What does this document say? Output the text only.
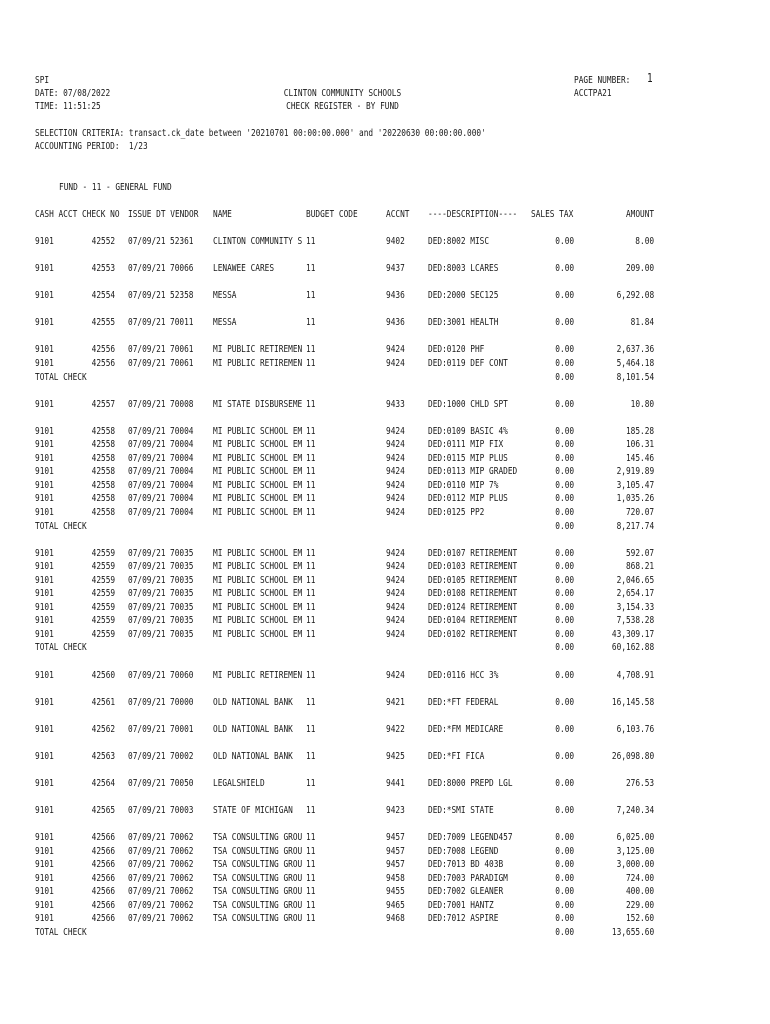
SPI
DATE: 07/08/2022
TIME: 11:51:25
CLINTON COMMUNITY SCHOOLS
CHECK REGISTER - BY FUND
PAGE NUMBER: 1
ACCTPA21
SELECTION CRITERIA: transact.ck_date between '20210701 00:00:00.000' and '20220630 00:00:00.000'
ACCOUNTING PERIOD:  1/23
FUND - 11 - GENERAL FUND
CASH ACCT CHECK NO ISSUE DT VENDOR NAME	BUDGET CODE	ACCNT ----DESCRIPTION---- SALES TAX	AMOUNT
9101	42552 07/09/21 52361 CLINTON COMMUNITY S 11	9402 DED:8002 MISC	0.00	8.00
9101	42553 07/09/21 70066 LENAWEE CARES	11	9437 DED:8003 LCARES	0.00	209.00
9101	42554 07/09/21 52358 MESSA	11	9436 DED:2000 SEC125	0.00	6,292.08
9101	42555 07/09/21 70011 MESSA	11	9436 DED:3001 HEALTH	0.00	81.84
9101	42556 07/09/21 70061 MI PUBLIC RETIREMEN 11	9424 DED:0120 PHF	0.00	2,637.36
9101	42556 07/09/21 70061 MI PUBLIC RETIREMEN 11	9424 DED:0119 DEF CONT	0.00	5,464.18
TOTAL CHECK	0.00	8,101.54
9101	42557 07/09/21 70008 MI STATE DISBURSEME 11	9433 DED:1000 CHLD SPT	0.00	10.80
9101	42558 07/09/21 70004 MI PUBLIC SCHOOL EM 11	9424 DED:0109 BASIC 4%	0.00	185.28
9101	42558 07/09/21 70004 MI PUBLIC SCHOOL EM 11	9424 DED:0111 MIP FIX	0.00	106.31
9101	42558 07/09/21 70004 MI PUBLIC SCHOOL EM 11	9424 DED:0115 MIP PLUS	0.00	145.46
9101	42558 07/09/21 70004 MI PUBLIC SCHOOL EM 11	9424 DED:0113 MIP GRADED	0.00	2,919.89
9101	42558 07/09/21 70004 MI PUBLIC SCHOOL EM 11	9424 DED:0110 MIP 7%	0.00	3,105.47
9101	42558 07/09/21 70004 MI PUBLIC SCHOOL EM 11	9424 DED:0112 MIP PLUS	0.00	1,035.26
9101	42558 07/09/21 70004 MI PUBLIC SCHOOL EM 11	9424 DED:0125 PP2	0.00	720.07
TOTAL CHECK	0.00	8,217.74
9101	42559 07/09/21 70035 MI PUBLIC SCHOOL EM 11	9424 DED:0107 RETIREMENT	0.00	592.07
9101	42559 07/09/21 70035 MI PUBLIC SCHOOL EM 11	9424 DED:0103 RETIREMENT	0.00	868.21
9101	42559 07/09/21 70035 MI PUBLIC SCHOOL EM 11	9424 DED:0105 RETIREMENT	0.00	2,046.65
9101	42559 07/09/21 70035 MI PUBLIC SCHOOL EM 11	9424 DED:0108 RETIREMENT	0.00	2,654.17
9101	42559 07/09/21 70035 MI PUBLIC SCHOOL EM 11	9424 DED:0124 RETIREMENT	0.00	3,154.33
9101	42559 07/09/21 70035 MI PUBLIC SCHOOL EM 11	9424 DED:0104 RETIREMENT	0.00	7,538.28
9101	42559 07/09/21 70035 MI PUBLIC SCHOOL EM 11	9424 DED:0102 RETIREMENT	0.00	43,309.17
TOTAL CHECK	0.00	60,162.88
9101	42560 07/09/21 70060 MI PUBLIC RETIREMEN 11	9424 DED:0116 HCC 3%	0.00	4,708.91
9101	42561 07/09/21 70000 OLD NATIONAL BANK 11	9421 DED:*FT FEDERAL	0.00	16,145.58
9101	42562 07/09/21 70001 OLD NATIONAL BANK 11	9422 DED:*FM MEDICARE	0.00	6,103.76
9101	42563 07/09/21 70002 OLD NATIONAL BANK 11	9425 DED:*FI FICA	0.00	26,098.80
9101	42564 07/09/21 70050 LEGALSHIELD	11	9441 DED:8000 PREPD LGL	0.00	276.53
9101	42565 07/09/21 70003 STATE OF MICHIGAN 11	9423 DED:*SMI STATE	0.00	7,240.34
9101	42566 07/09/21 70062 TSA CONSULTING GROU 11	9457 DED:7009 LEGEND457	0.00	6,025.00
9101	42566 07/09/21 70062 TSA CONSULTING GROU 11	9457 DED:7008 LEGEND	0.00	3,125.00
9101	42566 07/09/21 70062 TSA CONSULTING GROU 11	9457 DED:7013 BD 403B	0.00	3,000.00
9101	42566 07/09/21 70062 TSA CONSULTING GROU 11	9458 DED:7003 PARADIGM	0.00	724.00
9101	42566 07/09/21 70062 TSA CONSULTING GROU 11	9455 DED:7002 GLEANER	0.00	400.00
9101	42566 07/09/21 70062 TSA CONSULTING GROU 11	9465 DED:7001 HANTZ	0.00	229.00
9101	42566 07/09/21 70062 TSA CONSULTING GROU 11	9468 DED:7012 ASPIRE	0.00	152.60
TOTAL CHECK	0.00	13,655.60
